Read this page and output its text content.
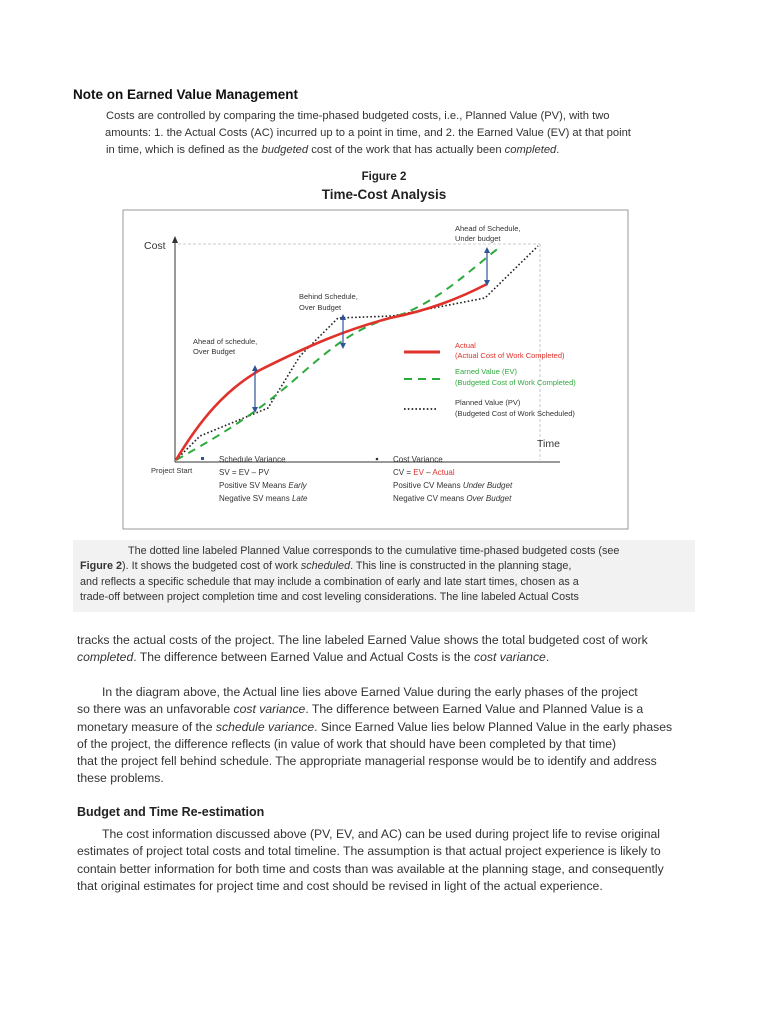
Note on Earned Value Management
Costs are controlled by comparing the time-phased budgeted costs, i.e., Planned Value (PV), with two
amounts: 1. the Actual Costs (AC) incurred up to a point in time, and 2. the Earned Value (EV) at that point
in time, which is defined as the budgeted cost of the work that has actually been completed.
Figure 2
Time-Cost Analysis
Cost
Time
Project Start
Ahead of Schedule,
Under budget
Behind Schedule,
Over Budget
Ahead of schedule,
Over Budget
Actual
(Actual Cost of Work Completed)
Earned Value (EV)
(Budgeted Cost of Work Completed)
Planned Value (PV)
(Budgeted Cost of Work Scheduled)
Schedule Variance
SV = EV – PV
Positive SV Means Early
Negative SV means Late
Cost Variance
CV = EV – Actual
Positive CV Means Under Budget
Negative CV means Over Budget
The dotted line labeled Planned Value corresponds to the cumulative time-phased budgeted costs (see
Figure 2). It shows the budgeted cost of work scheduled. This line is constructed in the planning stage,
and reflects a specific schedule that may include a combination of early and late start times, chosen as a
trade-off between project completion time and cost leveling considerations. The line labeled Actual Costs
tracks the actual costs of the project. The line labeled Earned Value shows the total budgeted cost of work
completed. The difference between Earned Value and Actual Costs is the cost variance.
In the diagram above, the Actual line lies above Earned Value during the early phases of the project
so there was an unfavorable cost variance. The difference between Earned Value and Planned Value is a
monetary measure of the schedule variance. Since Earned Value lies below Planned Value in the early phases
of the project, the difference reflects (in value of work that should have been completed by that time)
that the project fell behind schedule. The appropriate managerial response would be to identify and address
these problems.
Budget and Time Re-estimation
The cost information discussed above (PV, EV, and AC) can be used during project life to revise original
estimates of project total costs and total timeline. The assumption is that actual project experience is likely to
contain better information for both time and costs than was available at the planning stage, and consequently
that original estimates for project time and cost should be revised in light of the actual experience.
